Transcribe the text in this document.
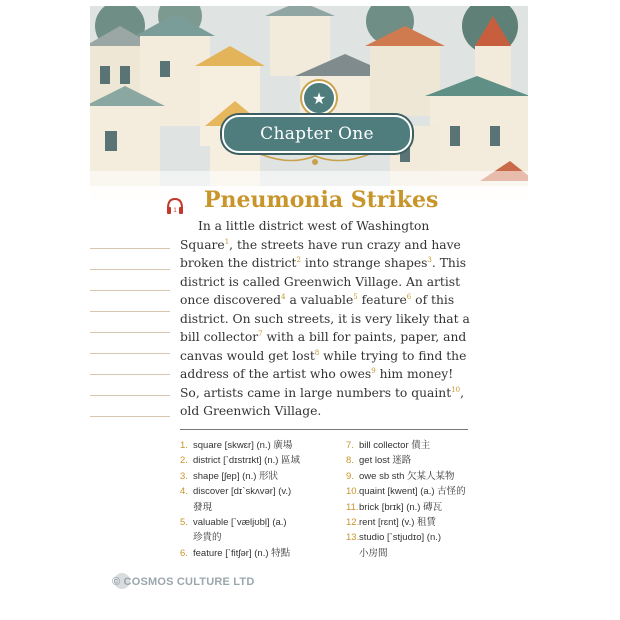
★
Chapter One
1 Pneumonia Strikes
In a little district west of Washington
Square$^1$, the streets have run crazy and have
broken the district$^2$ into strange shapes$^3$. This
district is called Greenwich Village. An artist
once discovered$^4$ a valuable$^5$ feature$^6$ of this
district. On such streets, it is very likely that a
bill collector$^7$ with a bill for paints, paper, and
canvas would get lost$^8$ while trying to find the
address of the artist who owes$^9$ him money!
So, artists came in large numbers to quaint$^{10}$,
old Greenwich Village.
1. square [skwɛr] (n.) 廣場
2. district [`dɪstrɪkt] (n.) 區域
3. shape [ʃep] (n.) 形狀
4. discover [dɪ`skʌvər] (v.)
發現
5. valuable [`væljʊbḷ] (a.)
珍貴的
6. feature [`fitʃər] (n.) 特點
7. bill collector 債主
8. get lost 迷路
9. owe sb sth 欠某人某物
10.quaint [kwent] (a.) 古怪的
11.brick [brɪk] (n.) 磚瓦
12.rent [rɛnt] (v.) 租賃
13.studio [`stjudɪo] (n.)
小房間
© COSMOS CULTURE LTD
